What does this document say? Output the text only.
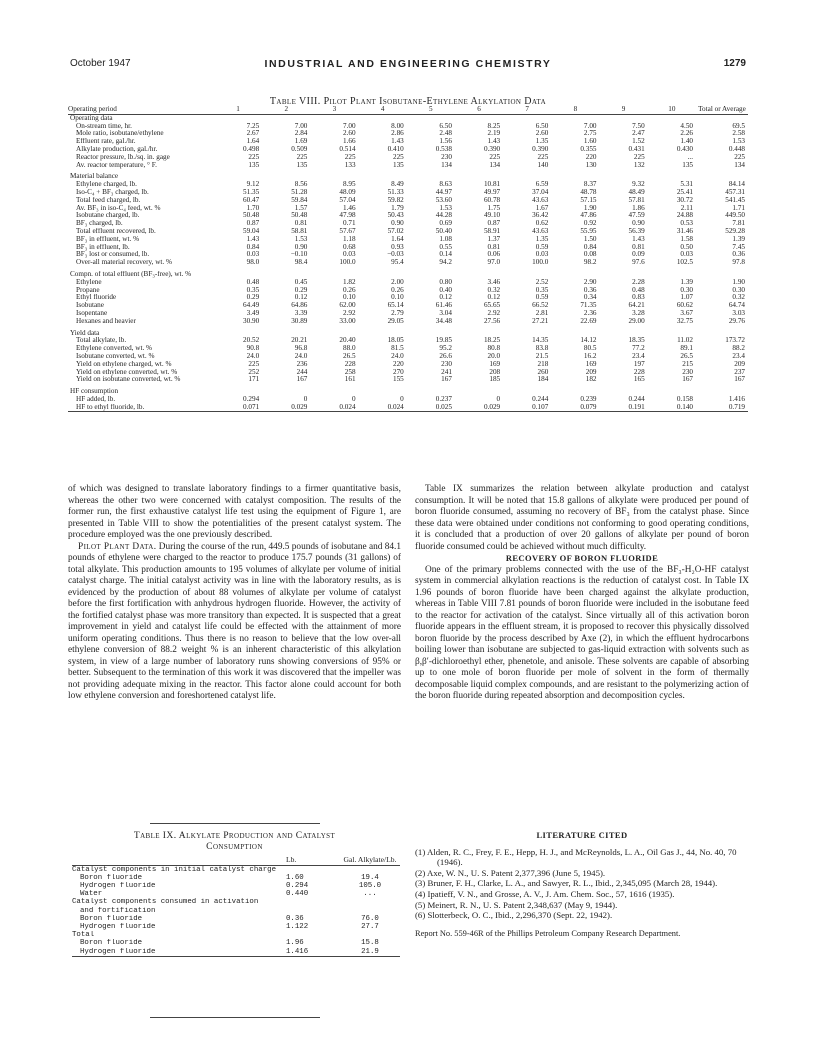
October 1947	INDUSTRIAL AND ENGINEERING CHEMISTRY	1279
Table VIII. Pilot Plant Isobutane-Ethylene Alkylation Data
Operating period	1	2	3	4	5	6	7	8	9	10	Total or Average

Operating data											
On-stream time, hr.	7.25	7.00	7.00	8.00	6.50	8.25	6.50	7.00	7.50	4.50	69.5
Mole ratio, isobutane/ethylene	2.67	2.84	2.60	2.86	2.48	2.19	2.60	2.75	2.47	2.26	2.58
Effluent rate, gal./hr.	1.64	1.69	1.66	1.43	1.56	1.43	1.35	1.60	1.52	1.40	1.53
Alkylate production, gal./hr.	0.498	0.509	0.514	0.410	0.538	0.390	0.390	0.355	0.431	0.430	0.448
Reactor pressure, lb./sq. in. gage	225	225	225	225	230	225	225	220	225	...	225
Av. reactor temperature, ° F.	135	135	133	135	134	134	140	130	132	135	134

Material balance											
Ethylene charged, lb.	9.12	8.56	8.95	8.49	8.63	10.81	6.59	8.37	9.32	5.31	84.14
Iso-C₄ + BF₃ charged, lb.	51.35	51.28	48.09	51.33	44.97	49.97	37.04	48.78	48.49	25.41	457.31
Total feed charged, lb.	60.47	59.84	57.04	59.82	53.60	60.78	43.63	57.15	57.81	30.72	541.45
Av. BF₃ in iso-C₄ feed, wt. %	1.70	1.57	1.46	1.79	1.53	1.75	1.67	1.90	1.86	2.11	1.71
Isobutane charged, lb.	50.48	50.48	47.98	50.43	44.28	49.10	36.42	47.86	47.59	24.88	449.50
BF₃ charged, lb.	0.87	0.81	0.71	0.90	0.69	0.87	0.62	0.92	0.90	0.53	7.81
Total effluent recovered, lb.	59.04	58.81	57.67	57.02	50.40	58.91	43.63	55.95	56.39	31.46	529.28
BF₃ in effluent, wt. %	1.43	1.53	1.18	1.64	1.08	1.37	1.35	1.50	1.43	1.58	1.39
BF₃ in effluent, lb.	0.84	0.90	0.68	0.93	0.55	0.81	0.59	0.84	0.81	0.50	7.45
BF₃ lost or consumed, lb.	0.03	−0.10	0.03	−0.03	0.14	0.06	0.03	0.08	0.09	0.03	0.36
Over-all material recovery, wt. %	98.0	98.4	100.0	95.4	94.2	97.0	100.0	98.2	97.6	102.5	97.8

Compn. of total effluent (BF₃-free), wt. %											
Ethylene	0.48	0.45	1.82	2.00	0.80	3.46	2.52	2.90	2.28	1.39	1.90
Propane	0.35	0.29	0.26	0.26	0.40	0.32	0.35	0.36	0.48	0.30	0.30
Ethyl fluoride	0.29	0.12	0.10	0.10	0.12	0.12	0.59	0.34	0.83	1.07	0.32
Isobutane	64.49	64.86	62.00	65.14	61.46	65.65	66.52	71.35	64.21	60.62	64.74
Isopentane	3.49	3.39	2.92	2.79	3.04	2.92	2.81	2.36	3.28	3.67	3.03
Hexanes and heavier	30.90	30.89	33.00	29.05	34.48	27.56	27.21	22.69	29.00	32.75	29.76

Yield data											
Total alkylate, lb.	20.52	20.21	20.40	18.05	19.85	18.25	14.35	14.12	18.35	11.02	173.72
Ethylene converted, wt. %	90.8	96.8	88.0	81.5	95.2	80.8	83.8	80.5	77.2	89.1	88.2
Isobutane converted, wt. %	24.0	24.0	26.5	24.0	26.6	20.0	21.5	16.2	23.4	26.5	23.4
Yield on ethylene charged, wt. %	225	236	228	220	230	169	218	169	197	215	209
Yield on ethylene converted, wt. %	252	244	258	270	241	208	260	209	228	230	237
Yield on isobutane converted, wt. %	171	167	161	155	167	185	184	182	165	167	167

HF consumption											
HF added, lb.	0.294	0	0	0	0.237	0	0.244	0.239	0.244	0.158	1.416
HF to ethyl fluoride, lb.	0.071	0.029	0.024	0.024	0.025	0.029	0.107	0.079	0.191	0.140	0.719

of which was designed to translate laboratory findings to a firmer quantitative basis, whereas the other two were concerned with catalyst composition. The results of the former run, the first exhaustive catalyst life test using the equipment of Figure 1, are presented in Table VIII to show the potentialities of the present catalyst system. The procedure employed was the one previously described.

Pilot Plant Data. During the course of the run, 449.5 pounds of isobutane and 84.1 pounds of ethylene were charged to the reactor to produce 175.7 pounds (31 gallons) of total alkylate. This production amounts to 195 volumes of alkylate per volume of initial catalyst charge. The initial catalyst activity was in line with the laboratory results, as is evidenced by the production of about 88 volumes of alkylate per volume of catalyst before the first fortification with anhydrous hydrogen fluoride. However, the activity of the fortified catalyst phase was more transitory than expected. It is suspected that a great improvement in yield and catalyst life could be effected with the attainment of more uniform operating conditions. Thus there is no reason to believe that the low over-all ethylene conversion of 88.2 weight % is an inherent characteristic of this alkylation system, in view of a large number of laboratory runs showing conversions of 95% or better. Subsequent to the termination of this work it was discovered that the impeller was not providing adequate mixing in the reactor. This factor alone could account for both low ethylene conversion and foreshortened catalyst life.

Table IX summarizes the relation between alkylate production and catalyst consumption. It will be noted that 15.8 gallons of alkylate were produced per pound of boron fluoride consumed, assuming no recovery of BF₃ from the catalyst phase. Since these data were obtained under conditions not conforming to good operating conditions, it is concluded that a production of over 20 gallons of alkylate per pound of boron fluoride consumed could be achieved without much difficulty.

RECOVERY OF BORON FLUORIDE

One of the primary problems connected with the use of the BF₃-H₂O-HF catalyst system in commercial alkylation reactions is the reduction of catalyst cost. In Table IX 1.96 pounds of boron fluoride have been charged against the alkylate production, whereas in Table VIII 7.81 pounds of boron fluoride were included in the isobutane feed to the reactor for activation of the catalyst. Since virtually all of this activation boron fluoride appears in the effluent stream, it is proposed to recover this physically dissolved boron fluoride by the process described by Axe (2), in which the effluent hydrocarbons boiling lower than isobutane are subjected to gas-liquid extraction with solvents such as β,β′-dichloroethyl ether, phenetole, and anisole. These solvents are capable of absorbing up to one mole of boron fluoride per mole of solvent in the form of thermally decomposable liquid complex compounds, and are resistant to the polymerizing action of the boron fluoride during repeated absorption and decomposition cycles.

Table IX. Alkylate Production and Catalyst
Consumption
	Lb.	Gal. Alkylate/Lb.

Catalyst components in initial catalyst charge		
Boron fluoride	1.60	19.4
Hydrogen fluoride	0.294	105.0
Water	0.440	...
Catalyst components consumed in activation		
and fortification		
Boron fluoride	0.36	76.0
Hydrogen fluoride	1.122	27.7
Total		
Boron fluoride	1.96	15.8
Hydrogen fluoride	1.416	21.9

LITERATURE CITED
(1) Alden, R. C., Frey, F. E., Hepp, H. J., and McReynolds, L. A., Oil Gas J., 44, No. 40, 70 (1946).
(2) Axe, W. N., U. S. Patent 2,377,396 (June 5, 1945).
(3) Bruner, F. H., Clarke, L. A., and Sawyer, R. L., Ibid., 2,345,095 (March 28, 1944).
(4) Ipatieff, V. N., and Grosse, A. V., J. Am. Chem. Soc., 57, 1616 (1935).
(5) Meinert, R. N., U. S. Patent 2,348,637 (May 9, 1944).
(6) Slotterbeck, O. C., Ibid., 2,296,370 (Sept. 22, 1942).
Report No. 559-46R of the Phillips Petroleum Company Research Department.
